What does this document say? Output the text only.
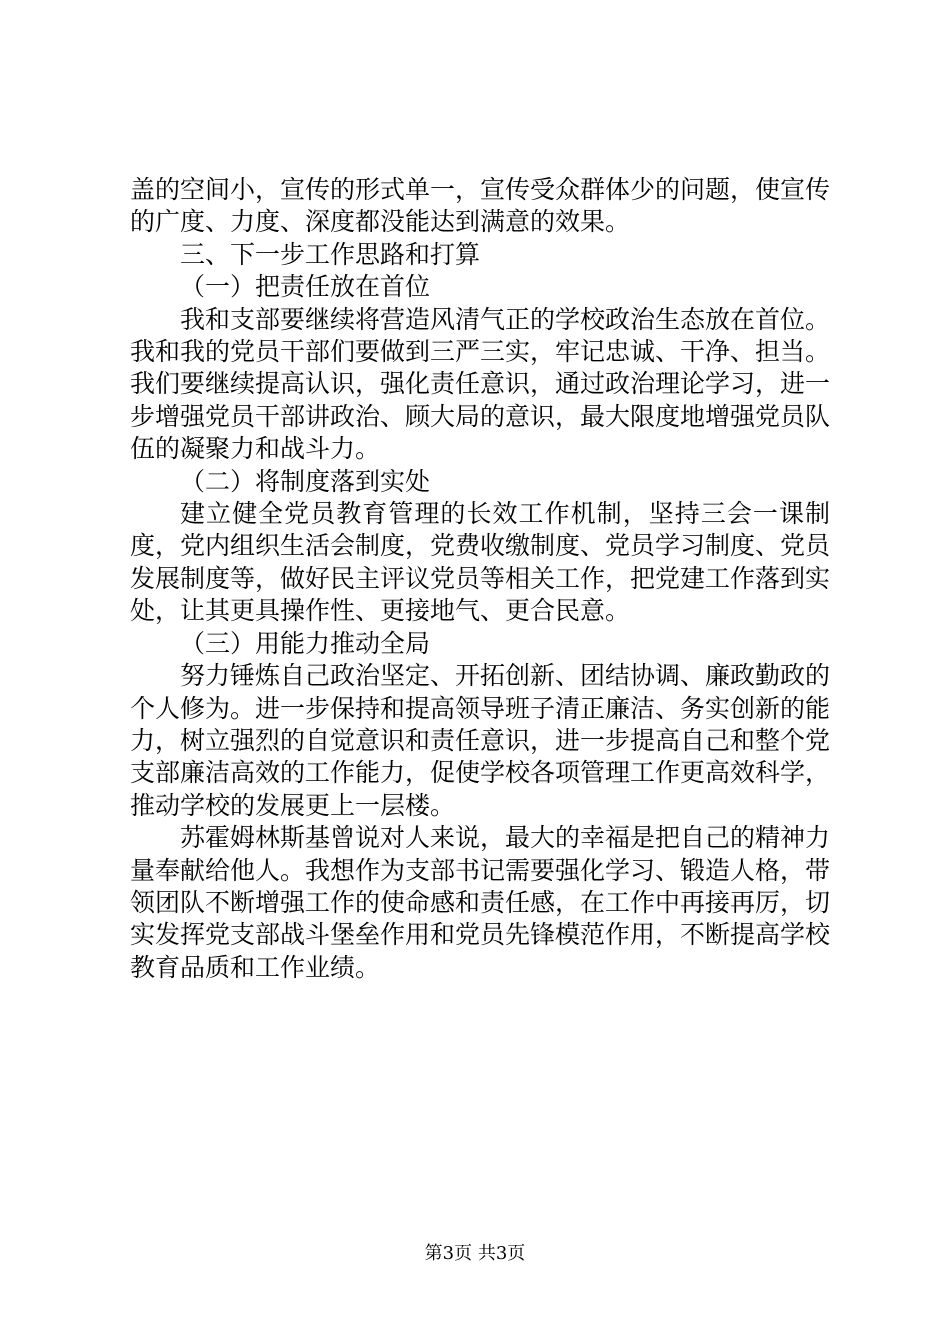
盖的空间小，宣传的形式单一，宣传受众群体少的问题，使宣传的广度、力度、深度都没能达到满意的效果。

三、下一步工作思路和打算

（一）把责任放在首位

我和支部要继续将营造风清气正的学校政治生态放在首位。我和我的党员干部们要做到三严三实，牢记忠诚、干净、担当。我们要继续提高认识，强化责任意识，通过政治理论学习，进一步增强党员干部讲政治、顾大局的意识，最大限度地增强党员队伍的凝聚力和战斗力。

（二）将制度落到实处

建立健全党员教育管理的长效工作机制，坚持三会一课制度，党内组织生活会制度，党费收缴制度、党员学习制度、党员发展制度等，做好民主评议党员等相关工作，把党建工作落到实处，让其更具操作性、更接地气、更合民意。

（三）用能力推动全局

努力锤炼自己政治坚定、开拓创新、团结协调、廉政勤政的个人修为。进一步保持和提高领导班子清正廉洁、务实创新的能力，树立强烈的自觉意识和责任意识，进一步提高自己和整个党支部廉洁高效的工作能力，促使学校各项管理工作更高效科学，推动学校的发展更上一层楼。

苏霍姆林斯基曾说对人来说，最大的幸福是把自己的精神力量奉献给他人。我想作为支部书记需要强化学习、锻造人格，带领团队不断增强工作的使命感和责任感，在工作中再接再厉，切实发挥党支部战斗堡垒作用和党员先锋模范作用，不断提高学校教育品质和工作业绩。

第3页 共3页
